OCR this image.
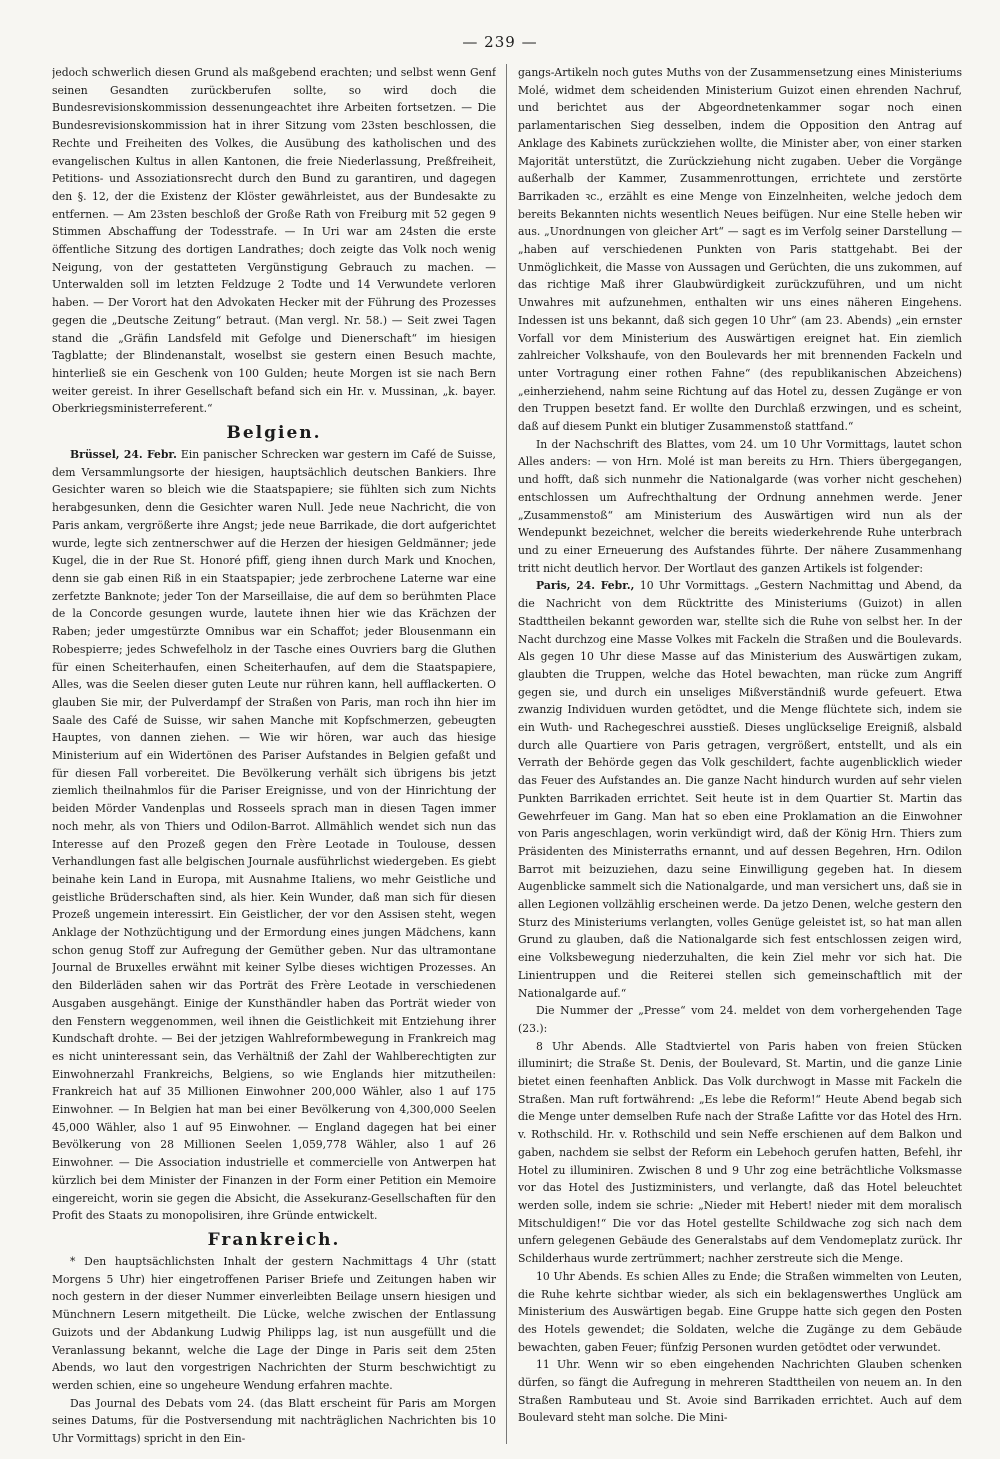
— 239 —

jedoch schwerlich diesen Grund als maßgebend erachten; und selbst wenn Genf seinen Gesandten zurückberufen sollte, so wird doch die Bundesrevisionskommission dessenungeachtet ihre Arbeiten fortsetzen. — Die Bundesrevisionskommission hat in ihrer Sitzung vom 23sten beschlossen, die Rechte und Freiheiten des Volkes, die Ausübung des katholischen und des evangelischen Kultus in allen Kantonen, die freie Niederlassung, Preßfreiheit, Petitions- und Assoziationsrecht durch den Bund zu garantiren, und dagegen den §. 12, der die Existenz der Klöster gewährleistet, aus der Bundesakte zu entfernen. — Am 23sten beschloß der Große Rath von Freiburg mit 52 gegen 9 Stimmen Abschaffung der Todesstrafe. — In Uri war am 24sten die erste öffentliche Sitzung des dortigen Landrathes; doch zeigte das Volk noch wenig Neigung, von der gestatteten Vergünstigung Gebrauch zu machen. — Unterwalden soll im letzten Feldzuge 2 Todte und 14 Verwundete verloren haben. — Der Vorort hat den Advokaten Hecker mit der Führung des Prozesses gegen die „Deutsche Zeitung“ betraut. (Man vergl. Nr. 58.) — Seit zwei Tagen stand die „Gräfin Landsfeld mit Gefolge und Dienerschaft“ im hiesigen Tagblatte; der Blindenanstalt, woselbst sie gestern einen Besuch machte, hinterließ sie ein Geschenk von 100 Gulden; heute Morgen ist sie nach Bern weiter gereist. In ihrer Gesellschaft befand sich ein Hr. v. Mussinan, „k. bayer. Oberkriegsministerreferent.“

Belgien.

Brüssel, 24. Febr. Ein panischer Schrecken war gestern im Café de Suisse, dem Versammlungsorte der hiesigen, hauptsächlich deutschen Bankiers. Ihre Gesichter waren so bleich wie die Staatspapiere; sie fühlten sich zum Nichts herabgesunken, denn die Gesichter waren Null. Jede neue Nachricht, die von Paris ankam, vergrößerte ihre Angst; jede neue Barrikade, die dort aufgerichtet wurde, legte sich zentnerschwer auf die Herzen der hiesigen Geldmänner; jede Kugel, die in der Rue St. Honoré pfiff, gieng ihnen durch Mark und Knochen, denn sie gab einen Riß in ein Staatspapier; jede zerbrochene Laterne war eine zerfetzte Banknote; jeder Ton der Marseillaise, die auf dem so berühmten Place de la Concorde gesungen wurde, lautete ihnen hier wie das Krächzen der Raben; jeder umgestürzte Omnibus war ein Schaffot; jeder Blousenmann ein Robespierre; jedes Schwefelholz in der Tasche eines Ouvriers barg die Gluthen für einen Scheiterhaufen, einen Scheiterhaufen, auf dem die Staatspapiere, Alles, was die Seelen dieser guten Leute nur rühren kann, hell aufflackerten. O glauben Sie mir, der Pulverdampf der Straßen von Paris, man roch ihn hier im Saale des Café de Suisse, wir sahen Manche mit Kopfschmerzen, gebeugten Hauptes, von dannen ziehen. — Wie wir hören, war auch das hiesige Ministerium auf ein Widertönen des Pariser Aufstandes in Belgien gefaßt und für diesen Fall vorbereitet. Die Bevölkerung verhält sich übrigens bis jetzt ziemlich theilnahmlos für die Pariser Ereignisse, und von der Hinrichtung der beiden Mörder Vandenplas und Rosseels sprach man in diesen Tagen immer noch mehr, als von Thiers und Odilon-Barrot. Allmählich wendet sich nun das Interesse auf den Prozeß gegen den Frère Leotade in Toulouse, dessen Verhandlungen fast alle belgischen Journale ausführlichst wiedergeben. Es giebt beinahe kein Land in Europa, mit Ausnahme Italiens, wo mehr Geistliche und geistliche Brüderschaften sind, als hier. Kein Wunder, daß man sich für diesen Prozeß ungemein interessirt. Ein Geistlicher, der vor den Assisen steht, wegen Anklage der Nothzüchtigung und der Ermordung eines jungen Mädchens, kann schon genug Stoff zur Aufregung der Gemüther geben. Nur das ultramontane Journal de Bruxelles erwähnt mit keiner Sylbe dieses wichtigen Prozesses. An den Bilderläden sahen wir das Porträt des Frère Leotade in verschiedenen Ausgaben ausgehängt. Einige der Kunsthändler haben das Porträt wieder von den Fenstern weggenommen, weil ihnen die Geistlichkeit mit Entziehung ihrer Kundschaft drohte. — Bei der jetzigen Wahlreformbewegung in Frankreich mag es nicht uninteressant sein, das Verhältniß der Zahl der Wahlberechtigten zur Einwohnerzahl Frankreichs, Belgiens, so wie Englands hier mitzutheilen: Frankreich hat auf 35 Millionen Einwohner 200,000 Wähler, also 1 auf 175 Einwohner. — In Belgien hat man bei einer Bevölkerung von 4,300,000 Seelen 45,000 Wähler, also 1 auf 95 Einwohner. — England dagegen hat bei einer Bevölkerung von 28 Millionen Seelen 1,059,778 Wähler, also 1 auf 26 Einwohner. — Die Association industrielle et commercielle von Antwerpen hat kürzlich bei dem Minister der Finanzen in der Form einer Petition ein Memoire eingereicht, worin sie gegen die Absicht, die Assekuranz-Gesellschaften für den Profit des Staats zu monopolisiren, ihre Gründe entwickelt.

Frankreich.

* Den hauptsächlichsten Inhalt der gestern Nachmittags 4 Uhr (statt Morgens 5 Uhr) hier eingetroffenen Pariser Briefe und Zeitungen haben wir noch gestern in der dieser Nummer einverleibten Beilage unsern hiesigen und Münchnern Lesern mitgetheilt. Die Lücke, welche zwischen der Entlassung Guizots und der Abdankung Ludwig Philipps lag, ist nun ausgefüllt und die Veranlassung bekannt, welche die Lage der Dinge in Paris seit dem 25ten Abends, wo laut den vorgestrigen Nachrichten der Sturm beschwichtigt zu werden schien, eine so ungeheure Wendung erfahren machte.

Das Journal des Debats vom 24. (das Blatt erscheint für Paris am Morgen seines Datums, für die Postversendung mit nachträglichen Nachrichten bis 10 Uhr Vormittags) spricht in den Ein-

gangs-Artikeln noch gutes Muths von der Zusammensetzung eines Ministeriums Molé, widmet dem scheidenden Ministerium Guizot einen ehrenden Nachruf, und berichtet aus der Abgeordnetenkammer sogar noch einen parlamentarischen Sieg desselben, indem die Opposition den Antrag auf Anklage des Kabinets zurückziehen wollte, die Minister aber, von einer starken Majorität unterstützt, die Zurückziehung nicht zugaben. Ueber die Vorgänge außerhalb der Kammer, Zusammenrottungen, errichtete und zerstörte Barrikaden ꝛc., erzählt es eine Menge von Einzelnheiten, welche jedoch dem bereits Bekannten nichts wesentlich Neues beifügen. Nur eine Stelle heben wir aus. „Unordnungen von gleicher Art“ — sagt es im Verfolg seiner Darstellung — „haben auf verschiedenen Punkten von Paris stattgehabt. Bei der Unmöglichkeit, die Masse von Aussagen und Gerüchten, die uns zukommen, auf das richtige Maß ihrer Glaubwürdigkeit zurückzuführen, und um nicht Unwahres mit aufzunehmen, enthalten wir uns eines näheren Eingehens. Indessen ist uns bekannt, daß sich gegen 10 Uhr“ (am 23. Abends) „ein ernster Vorfall vor dem Ministerium des Auswärtigen ereignet hat. Ein ziemlich zahlreicher Volkshaufe, von den Boulevards her mit brennenden Fackeln und unter Vortragung einer rothen Fahne“ (des republikanischen Abzeichens) „einherziehend, nahm seine Richtung auf das Hotel zu, dessen Zugänge er von den Truppen besetzt fand. Er wollte den Durchlaß erzwingen, und es scheint, daß auf diesem Punkt ein blutiger Zusammenstoß stattfand.“

In der Nachschrift des Blattes, vom 24. um 10 Uhr Vormittags, lautet schon Alles anders: — von Hrn. Molé ist man bereits zu Hrn. Thiers übergegangen, und hofft, daß sich nunmehr die Nationalgarde (was vorher nicht geschehen) entschlossen um Aufrechthaltung der Ordnung annehmen werde. Jener „Zusammenstoß“ am Ministerium des Auswärtigen wird nun als der Wendepunkt bezeichnet, welcher die bereits wiederkehrende Ruhe unterbrach und zu einer Erneuerung des Aufstandes führte. Der nähere Zusammenhang tritt nicht deutlich hervor. Der Wortlaut des ganzen Artikels ist folgender:

Paris, 24. Febr., 10 Uhr Vormittags. „Gestern Nachmittag und Abend, da die Nachricht von dem Rücktritte des Ministeriums (Guizot) in allen Stadttheilen bekannt geworden war, stellte sich die Ruhe von selbst her. In der Nacht durchzog eine Masse Volkes mit Fackeln die Straßen und die Boulevards. Als gegen 10 Uhr diese Masse auf das Ministerium des Auswärtigen zukam, glaubten die Truppen, welche das Hotel bewachten, man rücke zum Angriff gegen sie, und durch ein unseliges Mißverständniß wurde gefeuert. Etwa zwanzig Individuen wurden getödtet, und die Menge flüchtete sich, indem sie ein Wuth- und Rachegeschrei ausstieß. Dieses unglückselige Ereigniß, alsbald durch alle Quartiere von Paris getragen, vergrößert, entstellt, und als ein Verrath der Behörde gegen das Volk geschildert, fachte augenblicklich wieder das Feuer des Aufstandes an. Die ganze Nacht hindurch wurden auf sehr vielen Punkten Barrikaden errichtet. Seit heute ist in dem Quartier St. Martin das Gewehrfeuer im Gang. Man hat so eben eine Proklamation an die Einwohner von Paris angeschlagen, worin verkündigt wird, daß der König Hrn. Thiers zum Präsidenten des Ministerraths ernannt, und auf dessen Begehren, Hrn. Odilon Barrot mit beizuziehen, dazu seine Einwilligung gegeben hat. In diesem Augenblicke sammelt sich die Nationalgarde, und man versichert uns, daß sie in allen Legionen vollzählig erscheinen werde. Da jetzo Denen, welche gestern den Sturz des Ministeriums verlangten, volles Genüge geleistet ist, so hat man allen Grund zu glauben, daß die Nationalgarde sich fest entschlossen zeigen wird, eine Volksbewegung niederzuhalten, die kein Ziel mehr vor sich hat. Die Linientruppen und die Reiterei stellen sich gemeinschaftlich mit der Nationalgarde auf.“

Die Nummer der „Presse“ vom 24. meldet von dem vorhergehenden Tage (23.):

8 Uhr Abends. Alle Stadtviertel von Paris haben von freien Stücken illuminirt; die Straße St. Denis, der Boulevard, St. Martin, und die ganze Linie bietet einen feenhaften Anblick. Das Volk durchwogt in Masse mit Fackeln die Straßen. Man ruft fortwährend: „Es lebe die Reform!“ Heute Abend begab sich die Menge unter demselben Rufe nach der Straße Lafitte vor das Hotel des Hrn. v. Rothschild. Hr. v. Rothschild und sein Neffe erschienen auf dem Balkon und gaben, nachdem sie selbst der Reform ein Lebehoch gerufen hatten, Befehl, ihr Hotel zu illuminiren. Zwischen 8 und 9 Uhr zog eine beträchtliche Volksmasse vor das Hotel des Justizministers, und verlangte, daß das Hotel beleuchtet werden solle, indem sie schrie: „Nieder mit Hebert! nieder mit dem moralisch Mitschuldigen!“ Die vor das Hotel gestellte Schildwache zog sich nach dem unfern gelegenen Gebäude des Generalstabs auf dem Vendomeplatz zurück. Ihr Schilderhaus wurde zertrümmert; nachher zerstreute sich die Menge.

10 Uhr Abends. Es schien Alles zu Ende; die Straßen wimmelten von Leuten, die Ruhe kehrte sichtbar wieder, als sich ein beklagenswerthes Unglück am Ministerium des Auswärtigen begab. Eine Gruppe hatte sich gegen den Posten des Hotels gewendet; die Soldaten, welche die Zugänge zu dem Gebäude bewachten, gaben Feuer; fünfzig Personen wurden getödtet oder verwundet.

11 Uhr. Wenn wir so eben eingehenden Nachrichten Glauben schenken dürfen, so fängt die Aufregung in mehreren Stadttheilen von neuem an. In den Straßen Rambuteau und St. Avoie sind Barrikaden errichtet. Auch auf dem Boulevard steht man solche. Die Mini-
